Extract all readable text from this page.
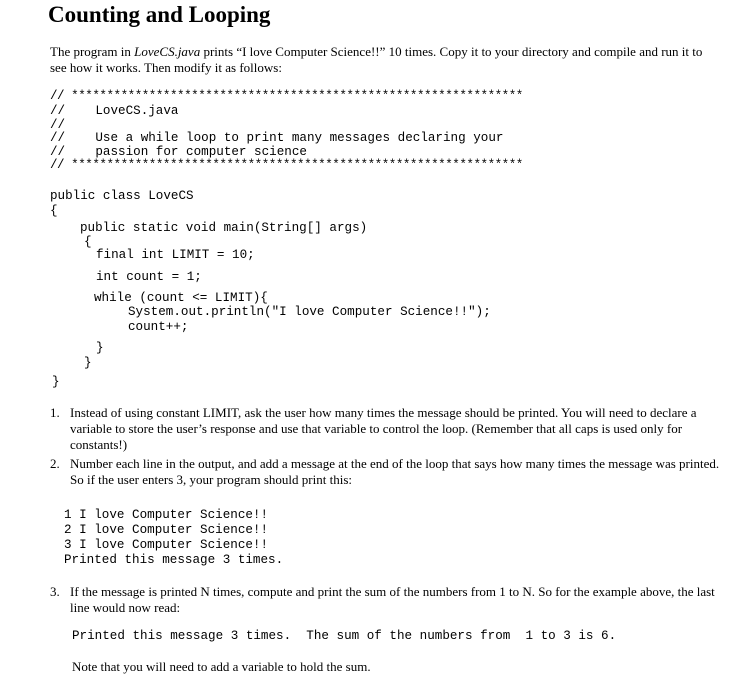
Counting and Looping
The program in LoveCS.java prints “I love Computer Science!!” 10 times. Copy it to your directory and compile and run it to see how it works. Then modify it as follows:
// ****************************************************************
//    LoveCS.java
//
//    Use a while loop to print many messages declaring your
//    passion for computer science
// ****************************************************************
public class LoveCS
{
public static void main(String[] args)
{
final int LIMIT = 10;
int count = 1;
while (count <= LIMIT){
System.out.println("I love Computer Science!!");
count++;
}
}
}
1. Instead of using constant LIMIT, ask the user how many times the message should be printed. You will need to declare a variable to store the user’s response and use that variable to control the loop. (Remember that all caps is used only for constants!)
2. Number each line in the output, and add a message at the end of the loop that says how many times the message was printed. So if the user enters 3, your program should print this:
1 I love Computer Science!!
2 I love Computer Science!!
3 I love Computer Science!!
Printed this message 3 times.
3. If the message is printed N times, compute and print the sum of the numbers from 1 to N. So for the example above, the last line would now read:
Printed this message 3 times.  The sum of the numbers from  1 to 3 is 6.
Note that you will need to add a variable to hold the sum.
